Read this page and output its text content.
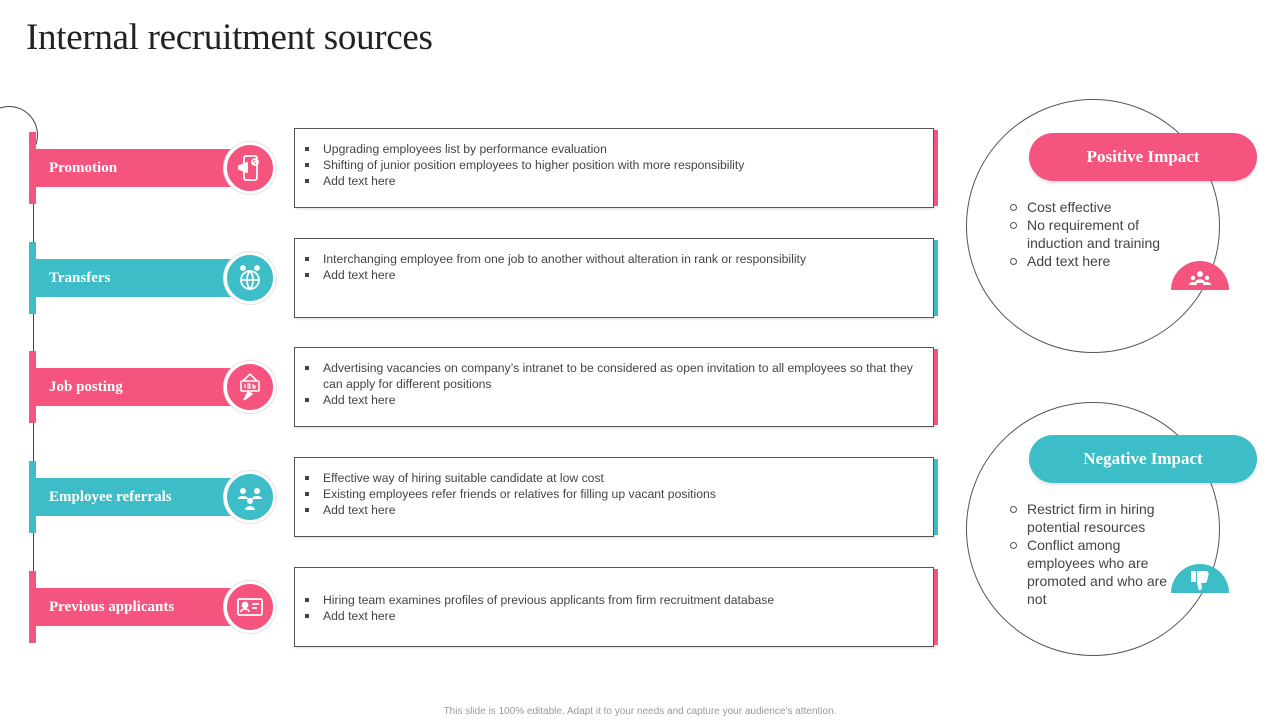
Internal recruitment sources
Promotion
Upgrading employees list by performance evaluation
Shifting of junior position employees to higher position with more responsibility
Add text here
Transfers
Interchanging employee from one job to another without alteration in rank or responsibility
Add text here
Job posting
Advertising vacancies on company’s intranet to be considered as open invitation to all employees so that they can apply for different positions
Add text here
Employee referrals
Effective way of hiring suitable candidate at low cost
Existing employees refer friends or relatives for filling up vacant positions
Add text here
Previous applicants	Hiring team examines profiles of previous applicants from firm recruitment database
Add text here
Positive Impact
Cost effective
No requirement of induction and training
Add text here
Negative Impact
Restrict firm in hiring potential resources
Conflict among employees who are promoted and who are not
This slide is 100% editable. Adapt it to your needs and capture your audience’s attention.
